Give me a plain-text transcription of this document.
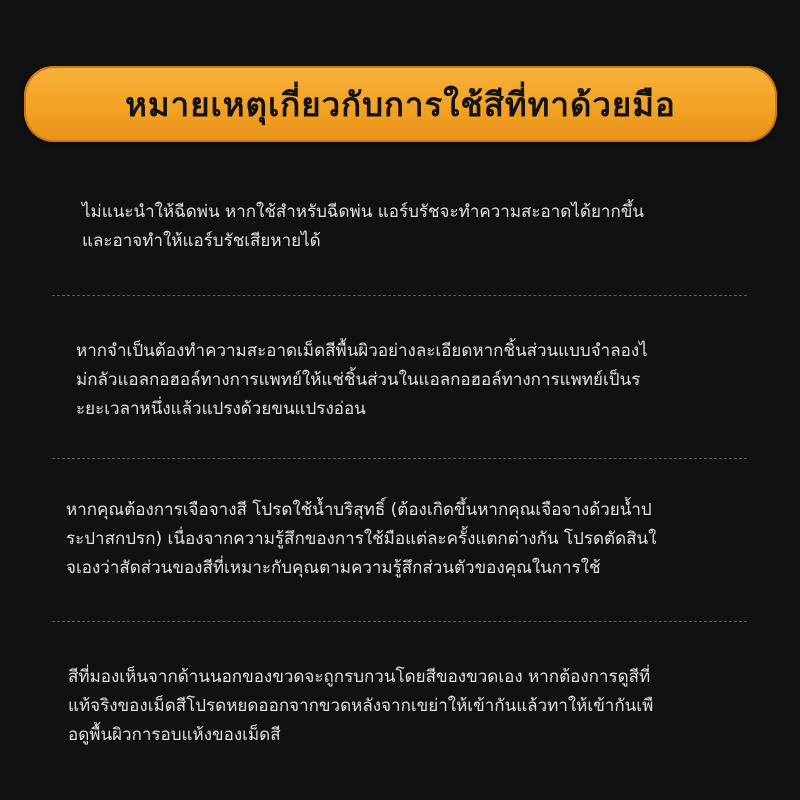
หมายเหตุเกี่ยวกับการใช้สีที่ทาด้วยมือ
ไม่แนะนำให้ฉีดพ่น หากใช้สำหรับฉีดพ่น แอร์บรัชจะทำความสะอาดได้ยากขึ้น
และอาจทำให้แอร์บรัชเสียหายได้
หากจำเป็นต้องทำความสะอาดเม็ดสีพื้นผิวอย่างละเอียดหากชิ้นส่วนแบบจำลองไ
ม่กลัวแอลกอฮอล์ทางการแพทย์ให้แช่ชิ้นส่วนในแอลกอฮอล์ทางการแพทย์เป็นร
ะยะเวลาหนึ่งแล้วแปรงด้วยขนแปรงอ่อน
หากคุณต้องการเจือจางสี โปรดใช้น้ำบริสุทธิ์ (ต้องเกิดขึ้นหากคุณเจือจางด้วยน้ำป
ระปาสกปรก) เนื่องจากความรู้สึกของการใช้มือแต่ละครั้งแตกต่างกัน โปรดตัดสินใ
จเองว่าสัดส่วนของสีที่เหมาะกับคุณตามความรู้สึกส่วนตัวของคุณในการใช้
สีที่มองเห็นจากด้านนอกของขวดจะถูกรบกวนโดยสีของขวดเอง หากต้องการดูสีที่
แท้จริงของเม็ดสีโปรดหยดออกจากขวดหลังจากเขย่าให้เข้ากันแล้วทาให้เข้ากันเพื
อดูพื้นผิวการอบแห้งของเม็ดสี
